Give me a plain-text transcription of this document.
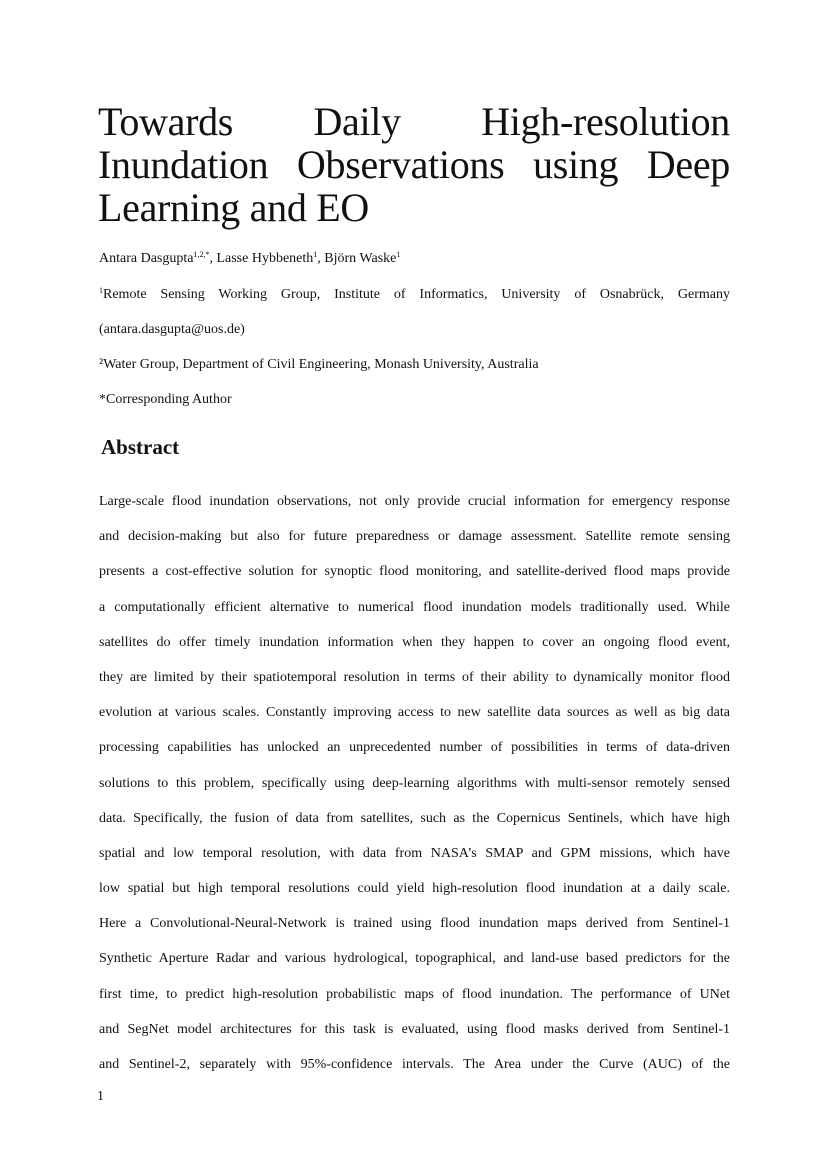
Towards Daily High-resolution Inundation Observations using Deep Learning and EO
Antara Dasgupta$^{1,2,*}$, Lasse Hybbeneth$^1$, Björn Waske$^1$
$^1$Remote Sensing Working Group, Institute of Informatics, University of Osnabrück, Germany
(antara.dasgupta@uos.de)
²Water Group, Department of Civil Engineering, Monash University, Australia
*Corresponding Author
Abstract
Large-scale flood inundation observations, not only provide crucial information for emergency response
and decision-making but also for future preparedness or damage assessment. Satellite remote sensing
presents a cost-effective solution for synoptic flood monitoring, and satellite-derived flood maps provide
a computationally efficient alternative to numerical flood inundation models traditionally used. While
satellites do offer timely inundation information when they happen to cover an ongoing flood event,
they are limited by their spatiotemporal resolution in terms of their ability to dynamically monitor flood
evolution at various scales. Constantly improving access to new satellite data sources as well as big data
processing capabilities has unlocked an unprecedented number of possibilities in terms of data-driven
solutions to this problem, specifically using deep-learning algorithms with multi-sensor remotely sensed
data. Specifically, the fusion of data from satellites, such as the Copernicus Sentinels, which have high
spatial and low temporal resolution, with data from NASA’s SMAP and GPM missions, which have
low spatial but high temporal resolutions could yield high-resolution flood inundation at a daily scale.
Here a Convolutional-Neural-Network is trained using flood inundation maps derived from Sentinel-1
Synthetic Aperture Radar and various hydrological, topographical, and land-use based predictors for the
first time, to predict high-resolution probabilistic maps of flood inundation. The performance of UNet
and SegNet model architectures for this task is evaluated, using flood masks derived from Sentinel-1
and Sentinel-2, separately with 95%-confidence intervals. The Area under the Curve (AUC) of the
1
